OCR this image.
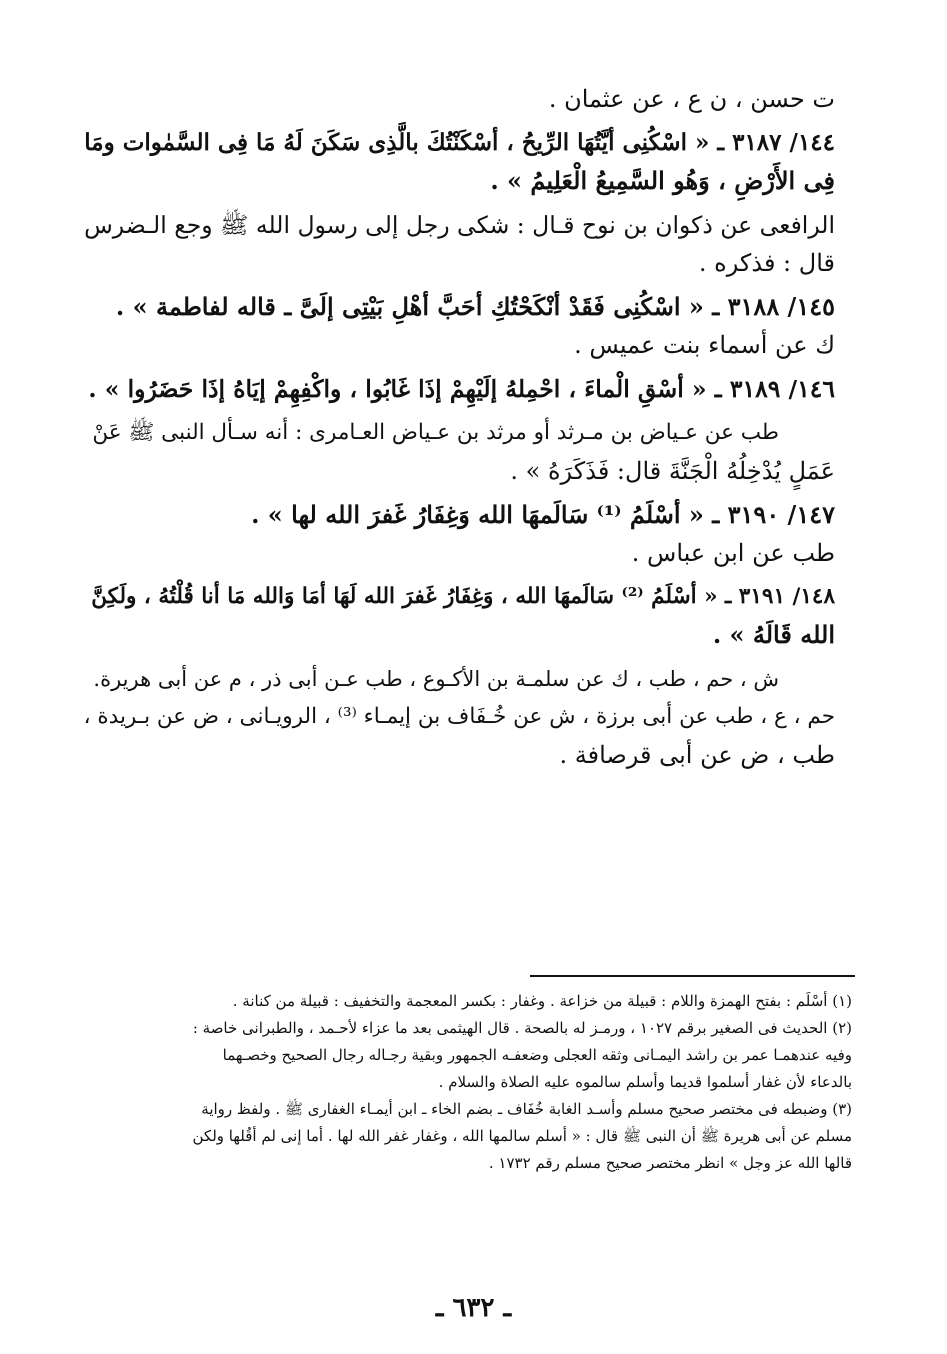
ت حسن ، ن ع ، عن عثمان .
١٤٤/ ٣١٨٧ ـ « اسْكُنِى أيَّتُهَا الرِّيحُ ، أسْكَنْتُكَ بالَّذِى سَكَنَ لَهُ مَا فِى السَّمٰوات ومَا
فِى الأَرْضِ ، وَهُو السَّمِيعُ الْعَلِيمُ » .
الرافعى عن ذكوان بن نوح قـال : شكى رجل إلى رسول الله ﷺ وجع الـضرس
قال : فذكره .
١٤٥/ ٣١٨٨ ـ « اسْكُنِى فَقَدْ أنْكَحْتُكِ أحَبَّ أهْلِ بَيْتِى إلَىَّ ـ قاله لفاطمة » .
ك عن أسماء بنت عميس .
١٤٦/ ٣١٨٩ ـ « أسْقِ الْماءَ ، احْمِلهُ إلَيْهِمْ إذَا غَابُوا ، واكْفِهِمْ إيَاهُ إذَا حَضَرُوا » .
طب عن عـياض بن مـرثد أو مرثد بن عـياض العـامرى : أنه سـأل النبى ﷺ عَنْ
عَمَلٍ يُدْخِلُهُ الْجَنَّةَ قال: فَذَكَرَهُ » .
١٤٧/ ٣١٩٠ ـ « أسْلَمُ ⁽¹⁾ سَالَمهَا الله وَغِفَارُ غَفرَ الله لها » .
طب عن ابن عباس .
١٤٨/ ٣١٩١ ـ « أسْلَمُ ⁽²⁾ سَالَمهَا الله ، وَغِفَارُ غَفرَ الله لَهَا أمَا وَالله مَا أنا قُلْتُهُ ، ولَكِنَّ
الله قَالَهُ » .
ش ، حم ، طب ، ك عن سلمـة بن الأكـوع ، طب عـن أبى ذر ، م عن أبى هريرة.
حم ، ع ، طب عن أبى برزة ، ش عن خُـفَاف بن إيمـاء ⁽³⁾ ، الرويـانى ، ض عن بـريدة ،
طب ، ض عن أبى قرصافة .
(١) أسْلَم : بفتح الهمزة واللام : قبيلة من خزاعة . وغفار : بكسر المعجمة والتخفيف : قبيلة من كنانة .
(٢) الحديث فى الصغير برقم ١٠٢٧ ، ورمـز له بالصحة . قال الهيثمى بعد ما عزاء لأحـمد ، والطبرانى خاصة :
وفيه عندهمـا عمر بن راشد اليمـانى وثقه العجلى وضعفـه الجمهور وبقية رجـاله رجال الصحيح وخصـهما
بالدعاء لأن غفار أسلموا قديما وأسلم سالموه عليه الصلاة والسلام .
(٣) وضبطه فى مختصر صحيح مسلم وأسـد الغابة خُفَاف ـ بضم الخاء ـ ابن أيمـاء الغفارى ﷺ . ولفظ رواية
مسلم عن أبى هريرة ﷺ أن النبى ﷺ قال : « أسلم سالمها الله ، وغفار غفر الله لها . أما إنى لم أقُلها ولكن
قالها الله عز وجل » انظر مختصر صحيح مسلم رقم ١٧٣٢ .
ـ ٦٣٢ ـ
